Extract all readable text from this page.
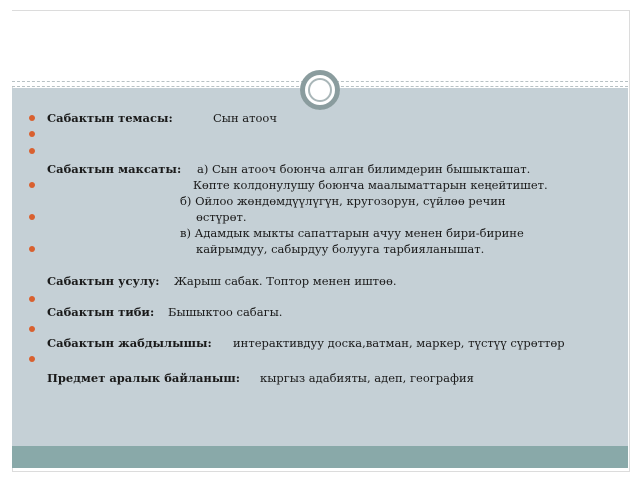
Сабактын темасы:	Сын атооч
Сабактын максаты: а) Сын атооч боюнча алган билимдерин бышыкташат.
Көпте колдонулушу боюнча маалыматтарын кеңейтишет.
б) Ойлоо жөндөмдүүлүгүн, кругозорун, сүйлөө речин
өстүрөт.
в) Адамдык мыкты сапаттарын ачуу менен бири-бирине
кайрымдуу, сабырдуу болууга тарбияланышат.
Сабактын усулу: Жарыш сабак. Топтор менен иштөө.
Сабактын тиби: Бышыктоо сабагы.
Сабактын жабдылышы: интерактивдуу доска,ватман, маркер, түстүү сүрөттөр
Предмет аралык байланыш: кыргыз адабияты, адеп, география
